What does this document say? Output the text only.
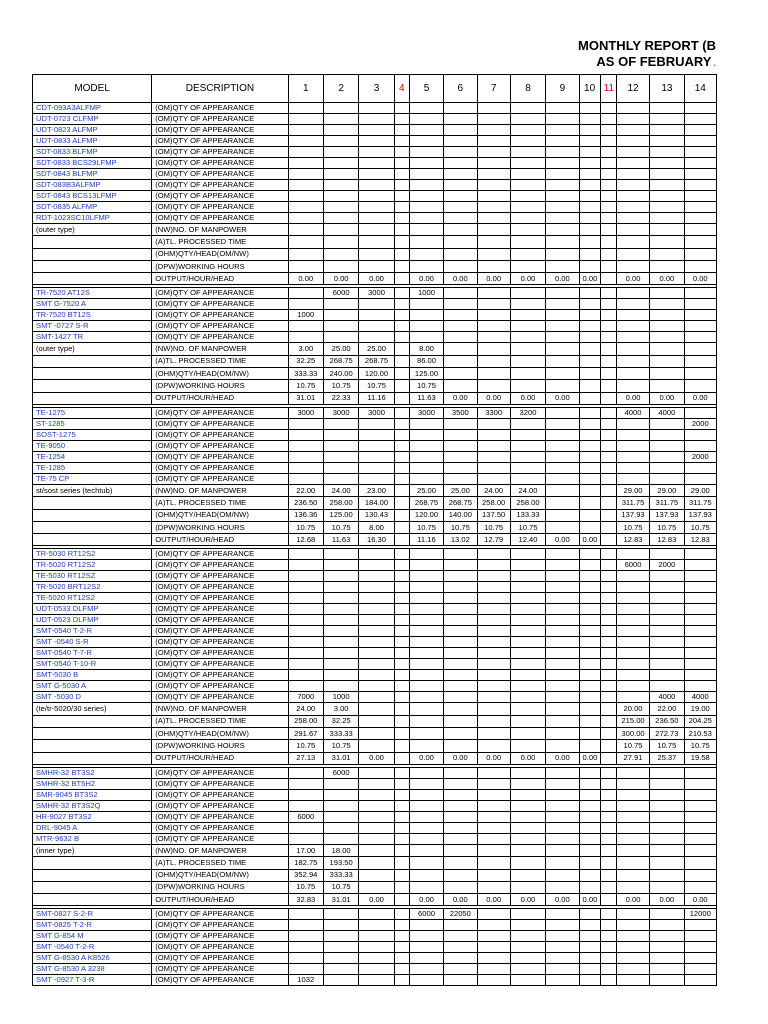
MONTHLY REPORT (B
AS OF FEBRUARY .
MODEL	DESCRIPTION	1	2	3	4	5	6	7	8	9	10	11	12	13	14
CDT-093A3ALFMP	(OM)QTY OF APPEARANCE														
UDT-0723 CLFMP	(OM)QTY OF APPEARANCE														
UDT-0823 ALFMP	(OM)QTY OF APPEARANCE														
UDT-0833 ALFMP	(OM)QTY OF APPEARANCE														
SDT-0833 BLFMP	(OM)QTY OF APPEARANCE														
SDT-0833 BCS29LFMP	(OM)QTY OF APPEARANCE														
SDT-0843 BLFMP	(OM)QTY OF APPEARANCE														
SDT-083B3ALFMP	(OM)QTY OF APPEARANCE														
SDT-0843 BCS13LFMP	(OM)QTY OF APPEARANCE														
SDT-0835 ALFMP	(OM)QTY OF APPEARANCE														
RDT-1023SC10LFMP	(OM)QTY OF APPEARANCE														
(outer type)	(NW)NO. OF MANPOWER														
	(A)TL. PROCESSED TIME														
	(OHM)QTY/HEAD(OM/NW)														
	(DPW)WORKING HOURS														
	OUTPUT/HOUR/HEAD	0.00	0.00	0.00		0.00	0.00	0.00	0.00	0.00	0.00		0.00	0.00	0.00

TR-7520 AT12S	(OM)QTY OF APPEARANCE		6000	3000		1000									
SMT G-7520 A	(OM)QTY OF APPEARANCE														
TR-7520 BT12S	(OM)QTY OF APPEARANCE	1000													
SMT -0727 S-R	(OM)QTY OF APPEARANCE														
SMT-1427 TR	(OM)QTY OF APPEARANCE														
(outer type)	(NW)NO. OF MANPOWER	3.00	25.00	25.00		8.00									
	(A)TL. PROCESSED TIME	32.25	268.75	268.75		86.00									
	(OHM)QTY/HEAD(OM/NW)	333.33	240.00	120.00		125.00									
	(DPW)WORKING HOURS	10.75	10.75	10.75		10.75									
	OUTPUT/HOUR/HEAD	31.01	22.33	11.16		11.63	0.00	0.00	0.00	0.00			0.00	0.00	0.00

TE-1275	(OM)QTY OF APPEARANCE	3000	3000	3000		3000	3500	3300	3200				4000	4000	
ST-1285	(OM)QTY OF APPEARANCE														2000
SOST-1275	(OM)QTY OF APPEARANCE														
TE-9050	(OM)QTY OF APPEARANCE														
TE-1254	(OM)QTY OF APPEARANCE														2000
TE-1285	(OM)QTY OF APPEARANCE														
TE-75 CP	(OM)QTY OF APPEARANCE														
st/sost series (techtub)	(NW)NO. OF MANPOWER	22.00	24.00	23.00		25.00	25.00	24.00	24.00				29.00	29.00	29.00
	(A)TL. PROCESSED TIME	236.50	258.00	184.00		268.75	268.75	258.00	258.00				311.75	311.75	311.75
	(OHM)QTY/HEAD(OM/NW)	136.36	125.00	130.43		120.00	140.00	137.50	133.33				137.93	137.93	137.93
	(DPW)WORKING HOURS	10.75	10.75	8.00		10.75	10.75	10.75	10.75				10.75	10.75	10.75
	OUTPUT/HOUR/HEAD	12.68	11.63	16.30		11.16	13.02	12.79	12.40	0.00	0.00		12.83	12.83	12.83

TR-5030 RT12S2	(OM)QTY OF APPEARANCE														
TR-5020 RT12S2	(OM)QTY OF APPEARANCE												6000	2000	
TE-5030 RT12SZ	(OM)QTY OF APPEARANCE														
TR-5020 BRT12S2	(OM)QTY OF APPEARANCE														
TE-5020 RT12S2	(OM)QTY OF APPEARANCE														
UDT-0533 DLFMP	(OM)QTY OF APPEARANCE														
UDT-0523 DLFMP	(OM)QTY OF APPEARANCE														
SMT-0540 T-2-R	(OM)QTY OF APPEARANCE														
SMT -0540 S-R	(OM)QTY OF APPEARANCE														
SMT-0540 T-7-R	(OM)QTY OF APPEARANCE														
SMT-0540 T-10-R	(OM)QTY OF APPEARANCE														
SMT-5030 B	(OM)QTY OF APPEARANCE														
SMT G-5030 A	(OM)QTY OF APPEARANCE														
SMT -5030 D	(OM)QTY OF APPEARANCE	7000	1000											4000	4000
(te/tr-5020/30 series)	(NW)NO. OF MANPOWER	24.00	3.00										20.00	22.00	19.00
	(A)TL. PROCESSED TIME	258.00	32.25										215.00	236.50	204.25
	(OHM)QTY/HEAD(OM/NW)	291.67	333.33										300.00	272.73	210.53
	(DPW)WORKING HOURS	10.75	10.75										10.75	10.75	10.75
	OUTPUT/HOUR/HEAD	27.13	31.01	0.00		0.00	0.00	0.00	0.00	0.00	0.00		27.91	25.37	19.58

SMHR-32 BT3S2	(OM)QTY OF APPEARANCE		6000												
SMHR-32 BT5H2	(OM)QTY OF APPEARANCE														
SMR-9045 BT3S2	(OM)QTY OF APPEARANCE														
SMHR-32 BT3S2Q	(OM)QTY OF APPEARANCE														
HR-9027 BT3S2	(OM)QTY OF APPEARANCE	6000													
DRL-9045 A	(OM)QTY OF APPEARANCE														
MTR-9632 B	(OM)QTY OF APPEARANCE														
(inner type)	(NW)NO. OF MANPOWER	17.00	18.00												
	(A)TL. PROCESSED TIME	182.75	193.50												
	(OHM)QTY/HEAD(OM/NW)	352.94	333.33												
	(DPW)WORKING HOURS	10.75	10.75												
	OUTPUT/HOUR/HEAD	32.83	31.01	0.00		0.00	0.00	0.00	0.00	0.00	0.00		0.00	0.00	0.00

SMT-0827 S-2-R	(OM)QTY OF APPEARANCE					6000	22050								12000
SMT-0825 T-2-R	(OM)QTY OF APPEARANCE														
SMT G-854 M	(OM)QTY OF APPEARANCE														
SMT -0540 T-2-R	(OM)QTY OF APPEARANCE														
SMT G-8530 A K8526	(OM)QTY OF APPEARANCE														
SMT G-8530 A 3238	(OM)QTY OF APPEARANCE														
SMT -0927 T-3-R	(OM)QTY OF APPEARANCE	1032													
